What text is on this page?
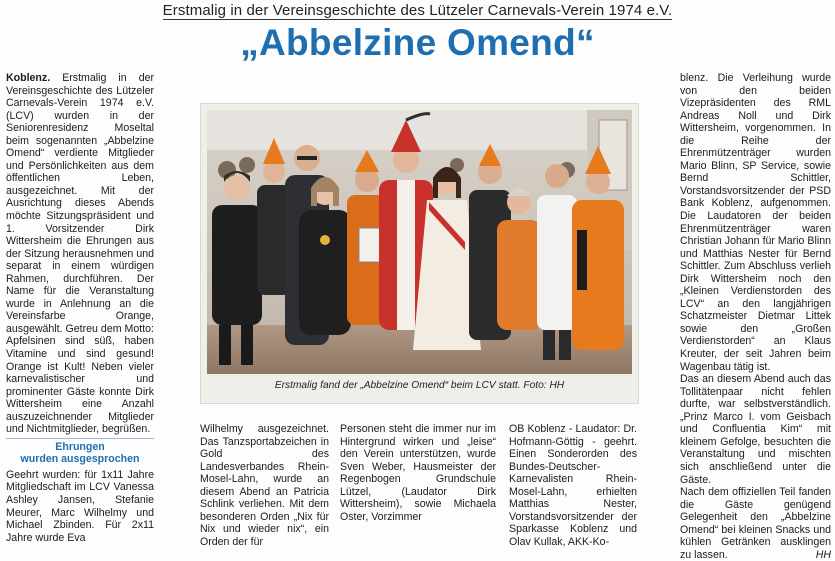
Erstmalig in der Vereinsgeschichte des Lützeler Carnevals-Verein 1974 e.V.
„Abbelzine Omend“

Koblenz. Erstmalig in der Vereinsgeschichte des Lützeler Carnevals-Verein 1974 e.V. (LCV) wurden in der Seniorenresidenz Moseltal beim sogenannten „Abbelzine Omend“ verdiente Mitglieder und Persönlichkeiten aus dem öffentlichen Leben, ausgezeichnet. Mit der Ausrichtung dieses Abends möchte Sitzungspräsident und 1. Vorsitzender Dirk Wittersheim die Ehrungen aus der Sitzung herausnehmen und separat in einem würdigen Rahmen, durchführen. Der Name für die Veranstaltung wurde in Anlehnung an die Vereinsfarbe Orange, ausgewählt. Getreu dem Motto: Apfelsinen sind süß, haben Vitamine und sind gesund! Orange ist Kult! Neben vieler karnevalistischer und prominenter Gäste konnte Dirk Wittersheim eine Anzahl auszuzeichnender Mitglieder und Nichtmitglieder, begrüßen.

Ehrungen
wurden ausgesprochen

Geehrt wurden: für 1x11 Jahre Mitgliedschaft im LCV Vanessa Ashley Jansen, Stefanie Meurer, Marc Wilhelmy und Michael Zbinden. Für 2x11 Jahre wurde Eva

Wilhelmy ausgezeichnet. Das Tanzsportabzeichen in Gold des Landesverbandes Rhein-Mosel-Lahn, wurde an diesem Abend an Patricia Schlink verliehen. Mit dem besonderen Orden „Nix für Nix und wieder nix“, ein Orden der für

Personen steht die immer nur im Hintergrund wirken und „leise“ den Verein unterstützen, wurde Sven Weber, Hausmeister der Regenbogen Grundschule Lützel, (Laudator Dirk Wittersheim), sowie Michaela Oster, Vorzimmer

OB Koblenz - Laudator: Dr. Hofmann-Göttig - geehrt. Einen Sonderorden des Bundes-Deutscher-Karnevalisten Rhein-Mosel-Lahn, erhielten Matthias Nester, Vorstandsvorsitzender der Sparkasse Koblenz und Olav Kullak, AKK-Ko-

blenz. Die Verleihung wurde von den beiden Vizepräsidenten des RML Andreas Noll und Dirk Wittersheim, vorgenommen. In die Reihe der Ehrenmützenträger wurden Mario Blinn, SP Service, sowie Bernd Schittler, Vorstandsvorsitzender der PSD Bank Koblenz, aufgenommen. Die Laudatoren der beiden Ehrenmützenträger waren Christian Johann für Mario Blinn und Matthias Nester für Bernd Schittler. Zum Abschluss verlieh Dirk Wittersheim noch den „Kleinen Verdienstorden des LCV“ an den langjährigen Schatzmeister Dietmar Littek sowie den „Großen Verdienstorden“ an Klaus Kreuter, der seit Jahren beim Wagenbau tätig ist.

Das an diesem Abend auch das Tollitätenpaar nicht fehlen durfte, war selbstverständlich. „Prinz Marco I. vom Geisbach und Confluentia Kim“ mit kleinem Gefolge, besuchten die Veranstaltung und mischten sich anschließend unter die Gäste.

Nach dem offiziellen Teil fanden die Gäste genügend Gelegenheit den „Abbelzine Omend“ bei kleinen Snacks und kühlen Getränken ausklingen zu lassen.	HH

Erstmalig fand der „Abbelzine Omend“ beim LCV statt. Foto: HH
